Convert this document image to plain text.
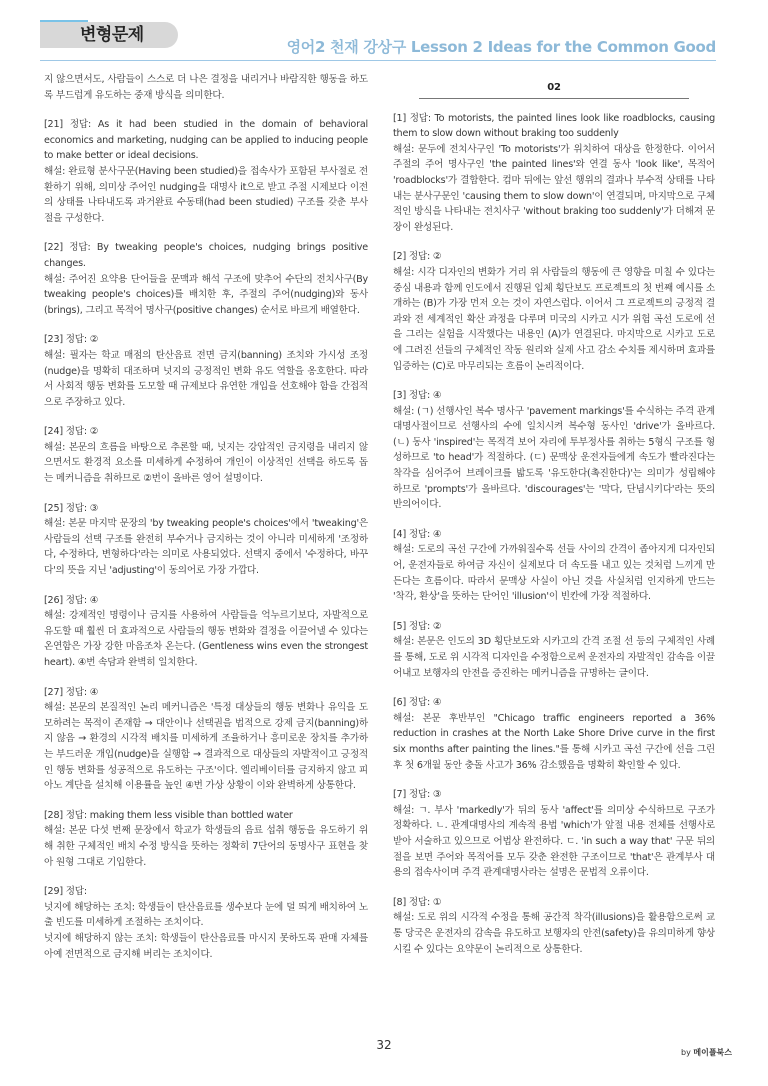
변형문제
영어2 천재 강상구 Lesson 2 Ideas for the Common Good
지 않으면서도, 사람들이 스스로 더 나은 결정을 내리거나 바람직한 행동을 하도록 부드럽게 유도하는 중재 방식을 의미한다.
[21] 정답: As it had been studied in the domain of behavioral economics and marketing, nudging can be applied to inducing people to make better or ideal decisions.
해설: 완료형 분사구문(Having been studied)을 접속사가 포함된 부사절로 전환하기 위해, 의미상 주어인 nudging을 대명사 it으로 받고 주절 시제보다 이전의 상태를 나타내도록 과거완료 수동태(had been studied) 구조를 갖춘 부사절을 구성한다.
[22] 정답: By tweaking people's choices, nudging brings positive changes.
해설: 주어진 요약용 단어들을 문맥과 해석 구조에 맞추어 수단의 전치사구(By tweaking people's choices)를 배치한 후, 주절의 주어(nudging)와 동사(brings), 그리고 목적어 명사구(positive changes) 순서로 바르게 배열한다.
[23] 정답: ②
해설: 필자는 학교 매점의 탄산음료 전면 금지(banning) 조치와 가시성 조정(nudge)을 명확히 대조하며 넛지의 긍정적인 변화 유도 역할을 옹호한다. 따라서 사회적 행동 변화를 도모할 때 규제보다 유연한 개입을 선호해야 함을 간접적으로 주장하고 있다.
[24] 정답: ②
해설: 본문의 흐름을 바탕으로 추론할 때, 넛지는 강압적인 금지령을 내리지 않으면서도 환경적 요소를 미세하게 수정하여 개인이 이상적인 선택을 하도록 돕는 메커니즘을 취하므로 ②번이 올바른 영어 설명이다.
[25] 정답: ③
해설: 본문 마지막 문장의 'by tweaking people's choices'에서 'tweaking'은 사람들의 선택 구조를 완전히 부수거나 금지하는 것이 아니라 미세하게 '조정하다, 수정하다, 변형하다'라는 의미로 사용되었다. 선택지 중에서 '수정하다, 바꾸다'의 뜻을 지닌 'adjusting'이 동의어로 가장 가깝다.
[26] 정답: ④
해설: 강제적인 명령이나 금지를 사용하여 사람들을 억누르기보다, 자발적으로 유도할 때 훨씬 더 효과적으로 사람들의 행동 변화와 결정을 이끌어낼 수 있다는 온연함은 가장 강한 마음조차 온는다. (Gentleness wins even the strongest heart). ④번 속담과 완벽히 일치한다.
[27] 정답: ④
해설: 본문의 본질적인 논리 메커니즘은 '특정 대상들의 행동 변화나 유익을 도모하려는 목적이 존재함 → 대안이나 선택권을 법적으로 강제 금지(banning)하지 않음 → 환경의 시각적 배치를 미세하게 조율하거나 흥미로운 장치를 추가하는 부드러운 개입(nudge)을 실행함 → 결과적으로 대상들의 자발적이고 긍정적인 행동 변화를 성공적으로 유도하는 구조'이다. 엘리베이터를 금지하지 않고 피아노 계단을 설치해 이용률을 높인 ④번 가상 상황이 이와 완벽하게 상통한다.
[28] 정답: making them less visible than bottled water
해설: 본문 다섯 번째 문장에서 학교가 학생들의 음료 섭취 행동을 유도하기 위해 취한 구체적인 배치 수정 방식을 뜻하는 정확히 7단어의 동명사구 표현을 찾아 원형 그대로 기입한다.
[29] 정답:
넛지에 해당하는 조치: 학생들이 탄산음료를 생수보다 눈에 덜 띄게 배치하여 노출 빈도를 미세하게 조절하는 조치이다.
넛지에 해당하지 않는 조치: 학생들이 탄산음료를 마시지 못하도록 판매 자체를 아예 전면적으로 금지해 버리는 조치이다.
02
[1] 정답: To motorists, the painted lines look like roadblocks, causing them to slow down without braking too suddenly
해설: 문두에 전치사구인 'To motorists'가 위치하여 대상을 한정한다. 이어서 주절의 주어 명사구인 'the painted lines'와 연결 동사 'look like', 목적어 'roadblocks'가 결합한다. 컴마 뒤에는 앞선 행위의 결과나 부수적 상태를 나타내는 분사구문인 'causing them to slow down'이 연결되며, 마지막으로 구체적인 방식을 나타내는 전치사구 'without braking too suddenly'가 더해져 문장이 완성된다.
[2] 정답: ②
해설: 시각 디자인의 변화가 거리 위 사람들의 행동에 큰 영향을 미칠 수 있다는 중심 내용과 함께 인도에서 진행된 입체 횡단보도 프로젝트의 첫 번째 예시를 소개하는 (B)가 가장 먼저 오는 것이 자연스럽다. 이어서 그 프로젝트의 긍정적 결과와 전 세계적인 확산 과정을 다루며 미국의 시카고 시가 위험 곡선 도로에 선을 그리는 실험을 시작했다는 내용인 (A)가 연결된다. 마지막으로 시카고 도로에 그려진 선들의 구체적인 작동 원리와 실제 사고 감소 수치를 제시하며 효과를 입증하는 (C)로 마무리되는 흐름이 논리적이다.
[3] 정답: ④
해설: (ㄱ) 선행사인 복수 명사구 'pavement markings'를 수식하는 주격 관계대명사절이므로 선행사의 수에 일치시켜 복수형 동사인 'drive'가 올바르다. (ㄴ) 동사 'inspired'는 목적격 보어 자리에 투부정사를 취하는 5형식 구조를 형성하므로 'to head'가 적절하다. (ㄷ) 문맥상 운전자들에게 속도가 빨라진다는 착각을 심어주어 브레이크를 밟도록 '유도한다(촉진한다)'는 의미가 성립해야 하므로 'prompts'가 올바르다. 'discourages'는 '막다, 단념시키다'라는 뜻의 반의어이다.
[4] 정답: ④
해설: 도로의 곡선 구간에 가까워질수록 선들 사이의 간격이 좁아지게 디자인되어, 운전자들로 하여금 자신이 실제보다 더 속도를 내고 있는 것처럼 느끼게 만든다는 흐름이다. 따라서 문맥상 사실이 아닌 것을 사실처럼 인지하게 만드는 '착각, 환상'을 뜻하는 단어인 'illusion'이 빈칸에 가장 적절하다.
[5] 정답: ②
해설: 본문은 인도의 3D 횡단보도와 시카고의 간격 조절 선 등의 구체적인 사례를 통해, 도로 위 시각적 디자인을 수정함으로써 운전자의 자발적인 감속을 이끌어내고 보행자의 안전을 증진하는 메커니즘을 규명하는 글이다.
[6] 정답: ④
해설: 본문 후반부인 "Chicago traffic engineers reported a 36% reduction in crashes at the North Lake Shore Drive curve in the first six months after painting the lines."를 통해 시카고 곡선 구간에 선을 그린 후 첫 6개월 동안 충돌 사고가 36% 감소했음을 명확히 확인할 수 있다.
[7] 정답: ③
해설: ㄱ. 부사 'markedly'가 뒤의 동사 'affect'를 의미상 수식하므로 구조가 정확하다. ㄴ. 관계대명사의 계속적 용법 'which'가 앞절 내용 전체를 선행사로 받아 서술하고 있으므로 어법상 완전하다. ㄷ. 'in such a way that' 구문 뒤의 절을 보면 주어와 목적어를 모두 갖춘 완전한 구조이므로 'that'은 관계부사 대용의 접속사이며 주격 관계대명사라는 설명은 문법적 오류이다.
[8] 정답: ①
해설: 도로 위의 시각적 수정을 통해 공간적 착각(illusions)을 활용함으로써 교통 당국은 운전자의 감속을 유도하고 보행자의 안전(safety)을 유의미하게 향상시킬 수 있다는 요약문이 논리적으로 상통한다.
32
by 메이플북스
